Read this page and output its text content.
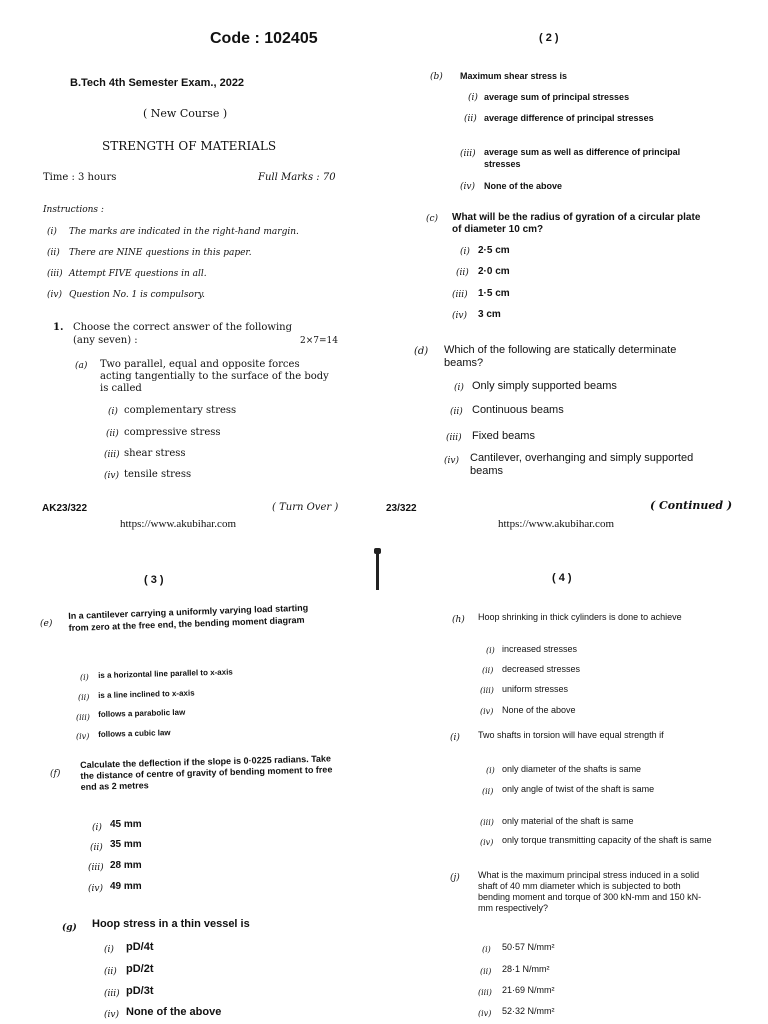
Code : 102405
B.Tech 4th Semester Exam., 2022
( New Course )
STRENGTH OF MATERIALS
Time : 3 hours	Full Marks : 70
Instructions :
(i) The marks are indicated in the right-hand margin.
(ii) There are NINE questions in this paper.
(iii) Attempt FIVE questions in all.
(iv) Question No. 1 is compulsory.
1. Choose the correct answer of the following
(any seven) :	2×7=14
(a) Two parallel, equal and opposite forces acting tangentially to the surface of the body is called
(i) complementary stress
(ii) compressive stress
(iii) shear stress
(iv) tensile stress
AK23/322	( Turn Over )
https://www.akubihar.com
( 2 )
(b) Maximum shear stress is
(i) average sum of principal stresses
(ii) average difference of principal stresses
(iii) average sum as well as difference of principal stresses
(iv) None of the above
(c) What will be the radius of gyration of a circular plate of diameter 10 cm?
(i) 2·5 cm
(ii) 2·0 cm
(iii) 1·5 cm
(iv) 3 cm
(d) Which of the following are statically determinate beams?
(i) Only simply supported beams
(ii) Continuous beams
(iii) Fixed beams
(iv) Cantilever, overhanging and simply supported beams
23/322	( Continued )
https://www.akubihar.com
( 3 )
(e)
In a cantilever carrying a uniformly varying load starting from zero at the free end, the bending moment diagram
(i) is a horizontal line parallel to x-axis
(ii) is a line inclined to x-axis
(iii) follows a parabolic law
(iv) follows a cubic law
(f)
Calculate the deflection if the slope is 0·0225 radians. Take the distance of centre of gravity of bending moment to free end as 2 metres
(i) 45 mm
(ii) 35 mm
(iii) 28 mm
(iv) 49 mm
(g) Hoop stress in a thin vessel is
(i) pD/4t
(ii) pD/2t
(iii) pD/3t
(iv) None of the above
( 4 )
(h) Hoop shrinking in thick cylinders is done to achieve
(i) increased stresses
(ii) decreased stresses
(iii) uniform stresses
(iv) None of the above
(i) Two shafts in torsion will have equal strength if
(i) only diameter of the shafts is same
(ii) only angle of twist of the shaft is same
(iii) only material of the shaft is same
(iv) only torque transmitting capacity of the shaft is same
(j) What is the maximum principal stress induced in a solid shaft of 40 mm diameter which is subjected to both bending moment and torque of 300 kN-mm and 150 kN-mm respectively?
(i) 50·57 N/mm²
(ii) 28·1 N/mm²
(iii) 21·69 N/mm²
(iv) 52·32 N/mm²
